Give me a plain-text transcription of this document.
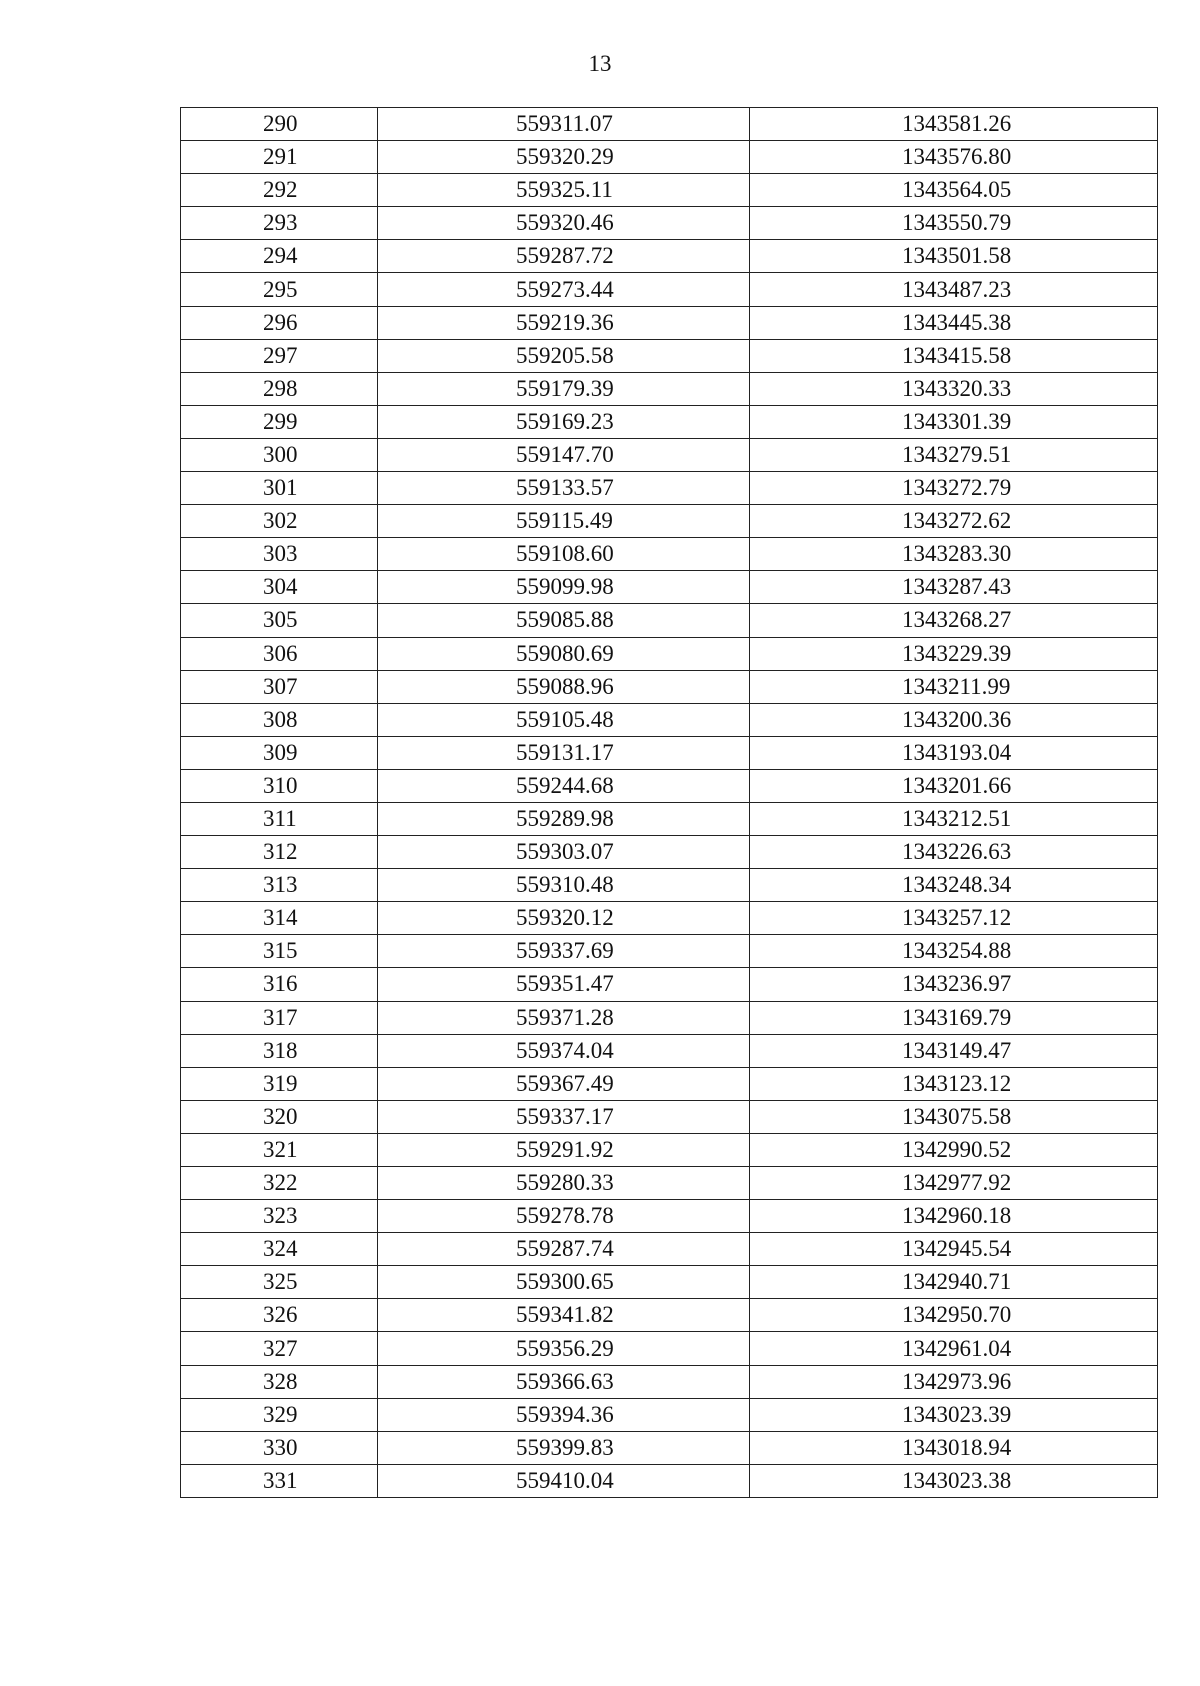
13
290	559311.07	1343581.26
291	559320.29	1343576.80
292	559325.11	1343564.05
293	559320.46	1343550.79
294	559287.72	1343501.58
295	559273.44	1343487.23
296	559219.36	1343445.38
297	559205.58	1343415.58
298	559179.39	1343320.33
299	559169.23	1343301.39
300	559147.70	1343279.51
301	559133.57	1343272.79
302	559115.49	1343272.62
303	559108.60	1343283.30
304	559099.98	1343287.43
305	559085.88	1343268.27
306	559080.69	1343229.39
307	559088.96	1343211.99
308	559105.48	1343200.36
309	559131.17	1343193.04
310	559244.68	1343201.66
311	559289.98	1343212.51
312	559303.07	1343226.63
313	559310.48	1343248.34
314	559320.12	1343257.12
315	559337.69	1343254.88
316	559351.47	1343236.97
317	559371.28	1343169.79
318	559374.04	1343149.47
319	559367.49	1343123.12
320	559337.17	1343075.58
321	559291.92	1342990.52
322	559280.33	1342977.92
323	559278.78	1342960.18
324	559287.74	1342945.54
325	559300.65	1342940.71
326	559341.82	1342950.70
327	559356.29	1342961.04
328	559366.63	1342973.96
329	559394.36	1343023.39
330	559399.83	1343018.94
331	559410.04	1343023.38
